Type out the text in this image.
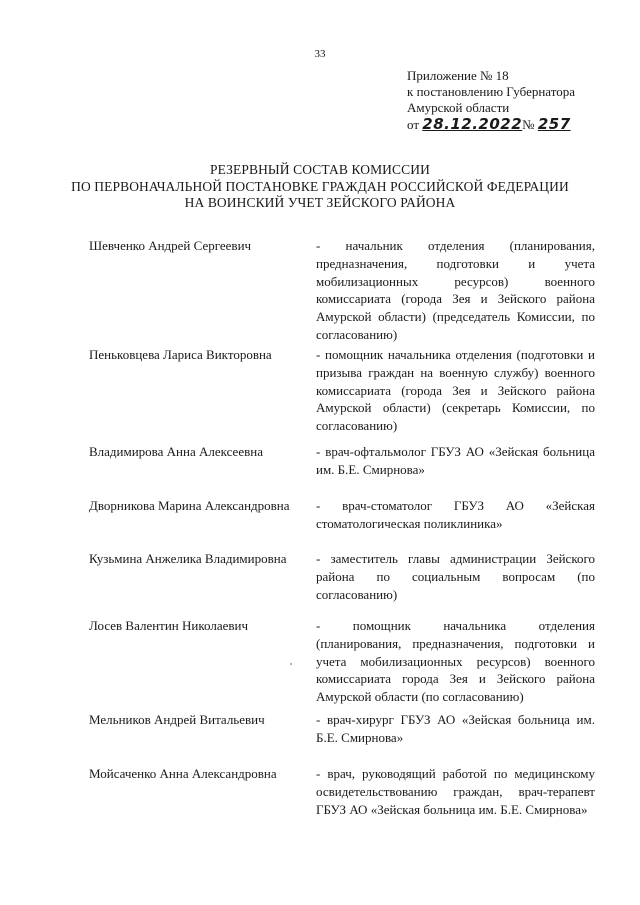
33
Приложение № 18
к постановлению Губернатора
Амурской области
от 28.12.2022№ 257
РЕЗЕРВНЫЙ СОСТАВ КОМИССИИ
ПО ПЕРВОНАЧАЛЬНОЙ ПОСТАНОВКЕ ГРАЖДАН РОССИЙСКОЙ ФЕДЕРАЦИИ
НА ВОИНСКИЙ УЧЕТ ЗЕЙСКОГО РАЙОНА
Шевченко Андрей Сергеевич	- начальник отделения (планирования, предназначения, подготовки и учета мобилизационных ресурсов) военного комиссариата (города Зея и Зейского района Амурской области) (председатель Комиссии, по согласованию)
Пеньковцева Лариса Викторовна	- помощник начальника отделения (подготовки и призыва граждан на военную службу) военного комиссариата (города Зея и Зейского района Амурской области) (секретарь Комиссии, по согласованию)
Владимирова Анна Алексеевна	- врач-офтальмолог ГБУЗ АО «Зейская больница им. Б.Е. Смирнова»
Дворникова Марина Александровна - врач-стоматолог ГБУЗ АО «Зейская стоматологическая поликлиника»
Кузьмина Анжелика Владимировна - заместитель главы администрации Зейского района по социальным вопросам (по согласованию)
Лосев Валентин Николаевич	- помощник начальника отделения (планирования, предназначения, подготовки и учета мобилизационных ресурсов) военного комиссариата города Зея и Зейского района Амурской области (по согласованию)
Мельников Андрей Витальевич	- врач-хирург ГБУЗ АО «Зейская больница им. Б.Е. Смирнова»
Мойсаченко Анна Александровна	- врач, руководящий работой по медицинскому освидетельствованию граждан, врач-терапевт ГБУЗ АО «Зейская больница им. Б.Е. Смирнова»
